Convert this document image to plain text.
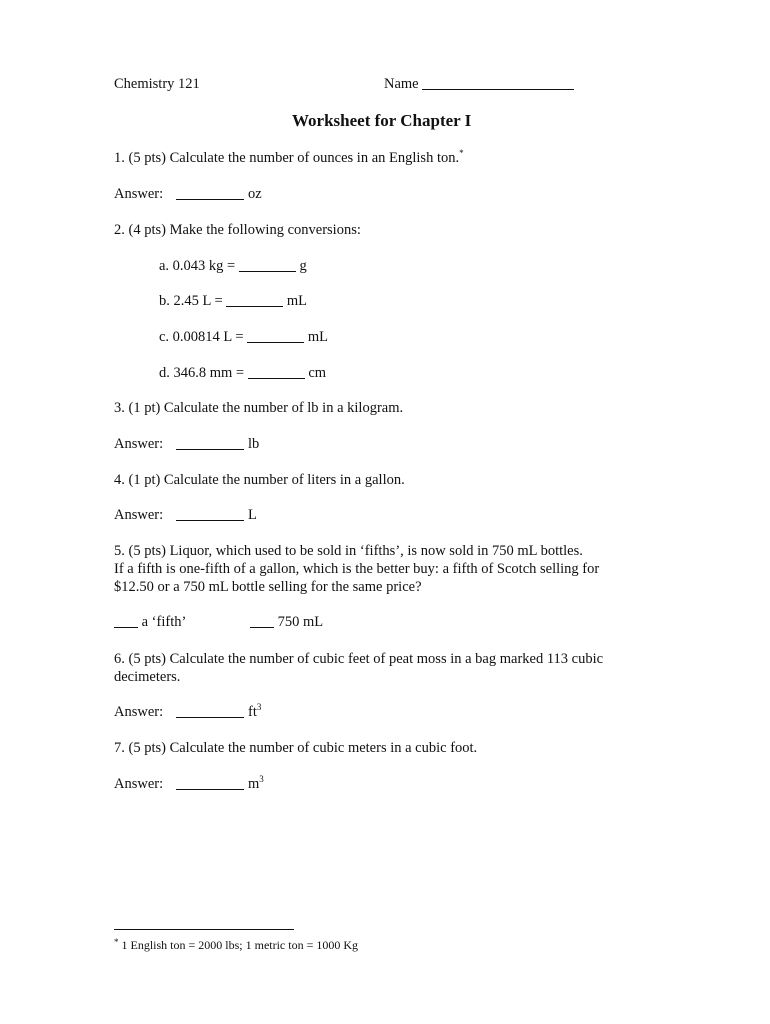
Chemistry 121	Name
Worksheet for Chapter I
1. (5 pts) Calculate the number of ounces in an English ton.*
Answer:	oz
2. (4 pts) Make the following conversions:
a. 0.043 kg =	g
b. 2.45 L =	mL
c. 0.00814 L =	mL
d. 346.8 mm =	cm
3. (1 pt) Calculate the number of lb in a kilogram.
Answer:	lb
4. (1 pt) Calculate the number of liters in a gallon.
Answer:	L
5. (5 pts) Liquor, which used to be sold in ‘fifths’, is now sold in 750 mL bottles.
If a fifth is one-fifth of a gallon, which is the better buy: a fifth of Scotch selling for
$12.50 or a 750 mL bottle selling for the same price?
a ‘fifth’	750 mL
6. (5 pts) Calculate the number of cubic feet of peat moss in a bag marked 113 cubic
decimeters.
Answer:	$ft^3$
7. (5 pts) Calculate the number of cubic meters in a cubic foot.
Answer:	$m^3$
* 1 English ton = 2000 lbs; 1 metric ton = 1000 Kg
